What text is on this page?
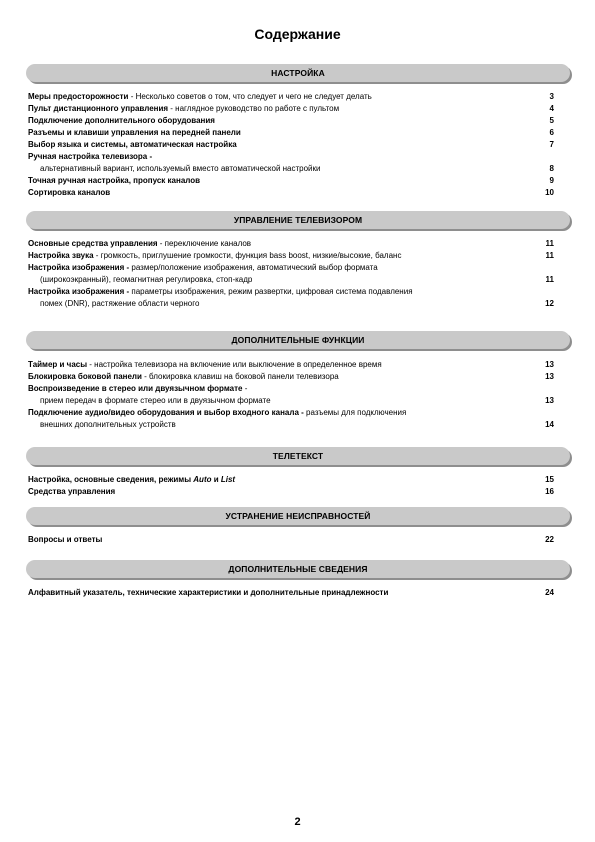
Содержание
НАСТРОЙКА
Меры предосторожности - Несколько советов о том, что следует и чего не следует делать	3
Пульт дистанционного управления - наглядное руководство по работе с пультом	4
Подключение дополнительного оборудования	5
Разъемы и клавиши управления на передней панели	6
Выбор языка и системы, автоматическая настройка	7
Ручная настройка телевизора -
альтернативный вариант, используемый вместо автоматической настройки	8
Точная ручная настройка, пропуск каналов	9
Сортировка каналов	10
УПРАВЛЕНИЕ ТЕЛЕВИЗОРОМ
Основные средства управления - переключение каналов	11
Настройка звука - громкость, приглушение громкости, функция bass boost, низкие/высокие, баланс	11
Настройка изображения - размер/положение изображения, автоматический выбор формата
(широкоэкранный), геомагнитная регулировка, стоп-кадр	11
Настройка изображения - параметры изображения, режим развертки, цифровая система подавления
помех (DNR), растяжение области черного	12
ДОПОЛНИТЕЛЬНЫЕ ФУНКЦИИ
Таймер и часы - настройка телевизора на включение или выключение в определенное время	13
Блокировка боковой панели - блокировка клавиш на боковой панели телевизора	13
Воспроизведение в стерео или двуязычном формате -
прием передач в формате стерео или в двуязычном формате	13
Подключение аудио/видео оборудования и выбор входного канала - разъемы для подключения
внешних дополнительных устройств	14
ТЕЛЕТЕКСТ
Настройка, основные сведения, режимы Auto и List	15
Средства управления	16
УСТРАНЕНИЕ НЕИСПРАВНОСТЕЙ
Вопросы и ответы	22
ДОПОЛНИТЕЛЬНЫЕ СВЕДЕНИЯ
Алфавитный указатель, технические характеристики и дополнительные принадлежности	24
2
